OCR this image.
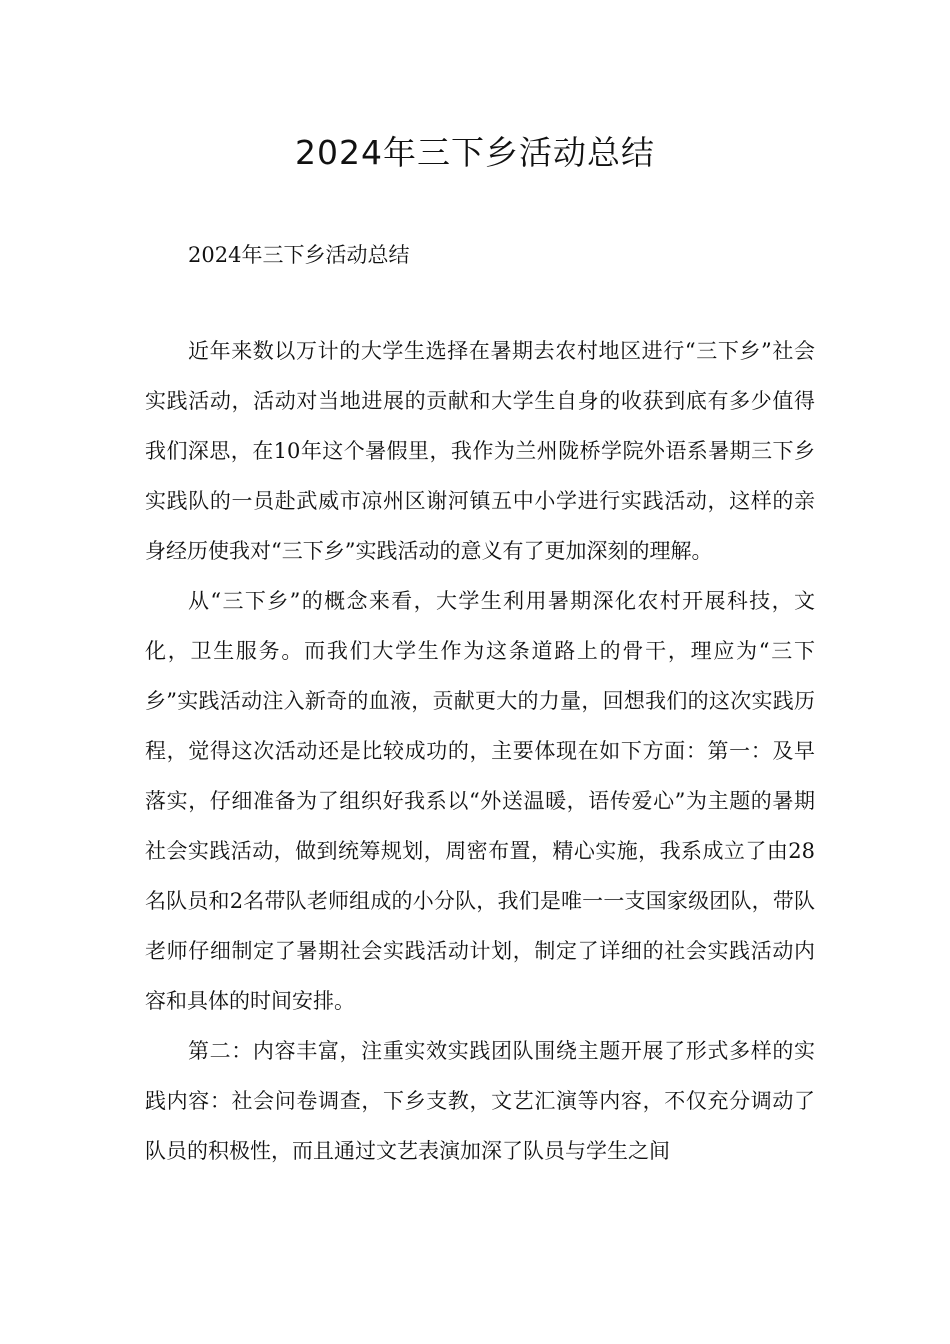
2024年三下乡活动总结

2024年三下乡活动总结

近年来数以万计的大学生选择在暑期去农村地区进行“三下乡”社会实践活动，活动对当地进展的贡献和大学生自身的收获到底有多少值得我们深思，在10年这个暑假里，我作为兰州陇桥学院外语系暑期三下乡实践队的一员赴武威市凉州区谢河镇五中小学进行实践活动，这样的亲身经历使我对“三下乡”实践活动的意义有了更加深刻的理解。

从“三下乡”的概念来看，大学生利用暑期深化农村开展科技，文化，卫生服务。而我们大学生作为这条道路上的骨干，理应为“三下乡”实践活动注入新奇的血液，贡献更大的力量，回想我们的这次实践历程，觉得这次活动还是比较成功的，主要体现在如下方面：第一：及早落实，仔细准备为了组织好我系以“外送温暖，语传爱心”为主题的暑期社会实践活动，做到统筹规划，周密布置，精心实施，我系成立了由28名队员和2名带队老师组成的小分队，我们是唯一一支国家级团队，带队老师仔细制定了暑期社会实践活动计划，制定了详细的社会实践活动内容和具体的时间安排。

第二：内容丰富，注重实效实践团队围绕主题开展了形式多样的实践内容：社会问卷调查，下乡支教，文艺汇演等内容，不仅充分调动了队员的积极性，而且通过文艺表演加深了队员与学生之间
